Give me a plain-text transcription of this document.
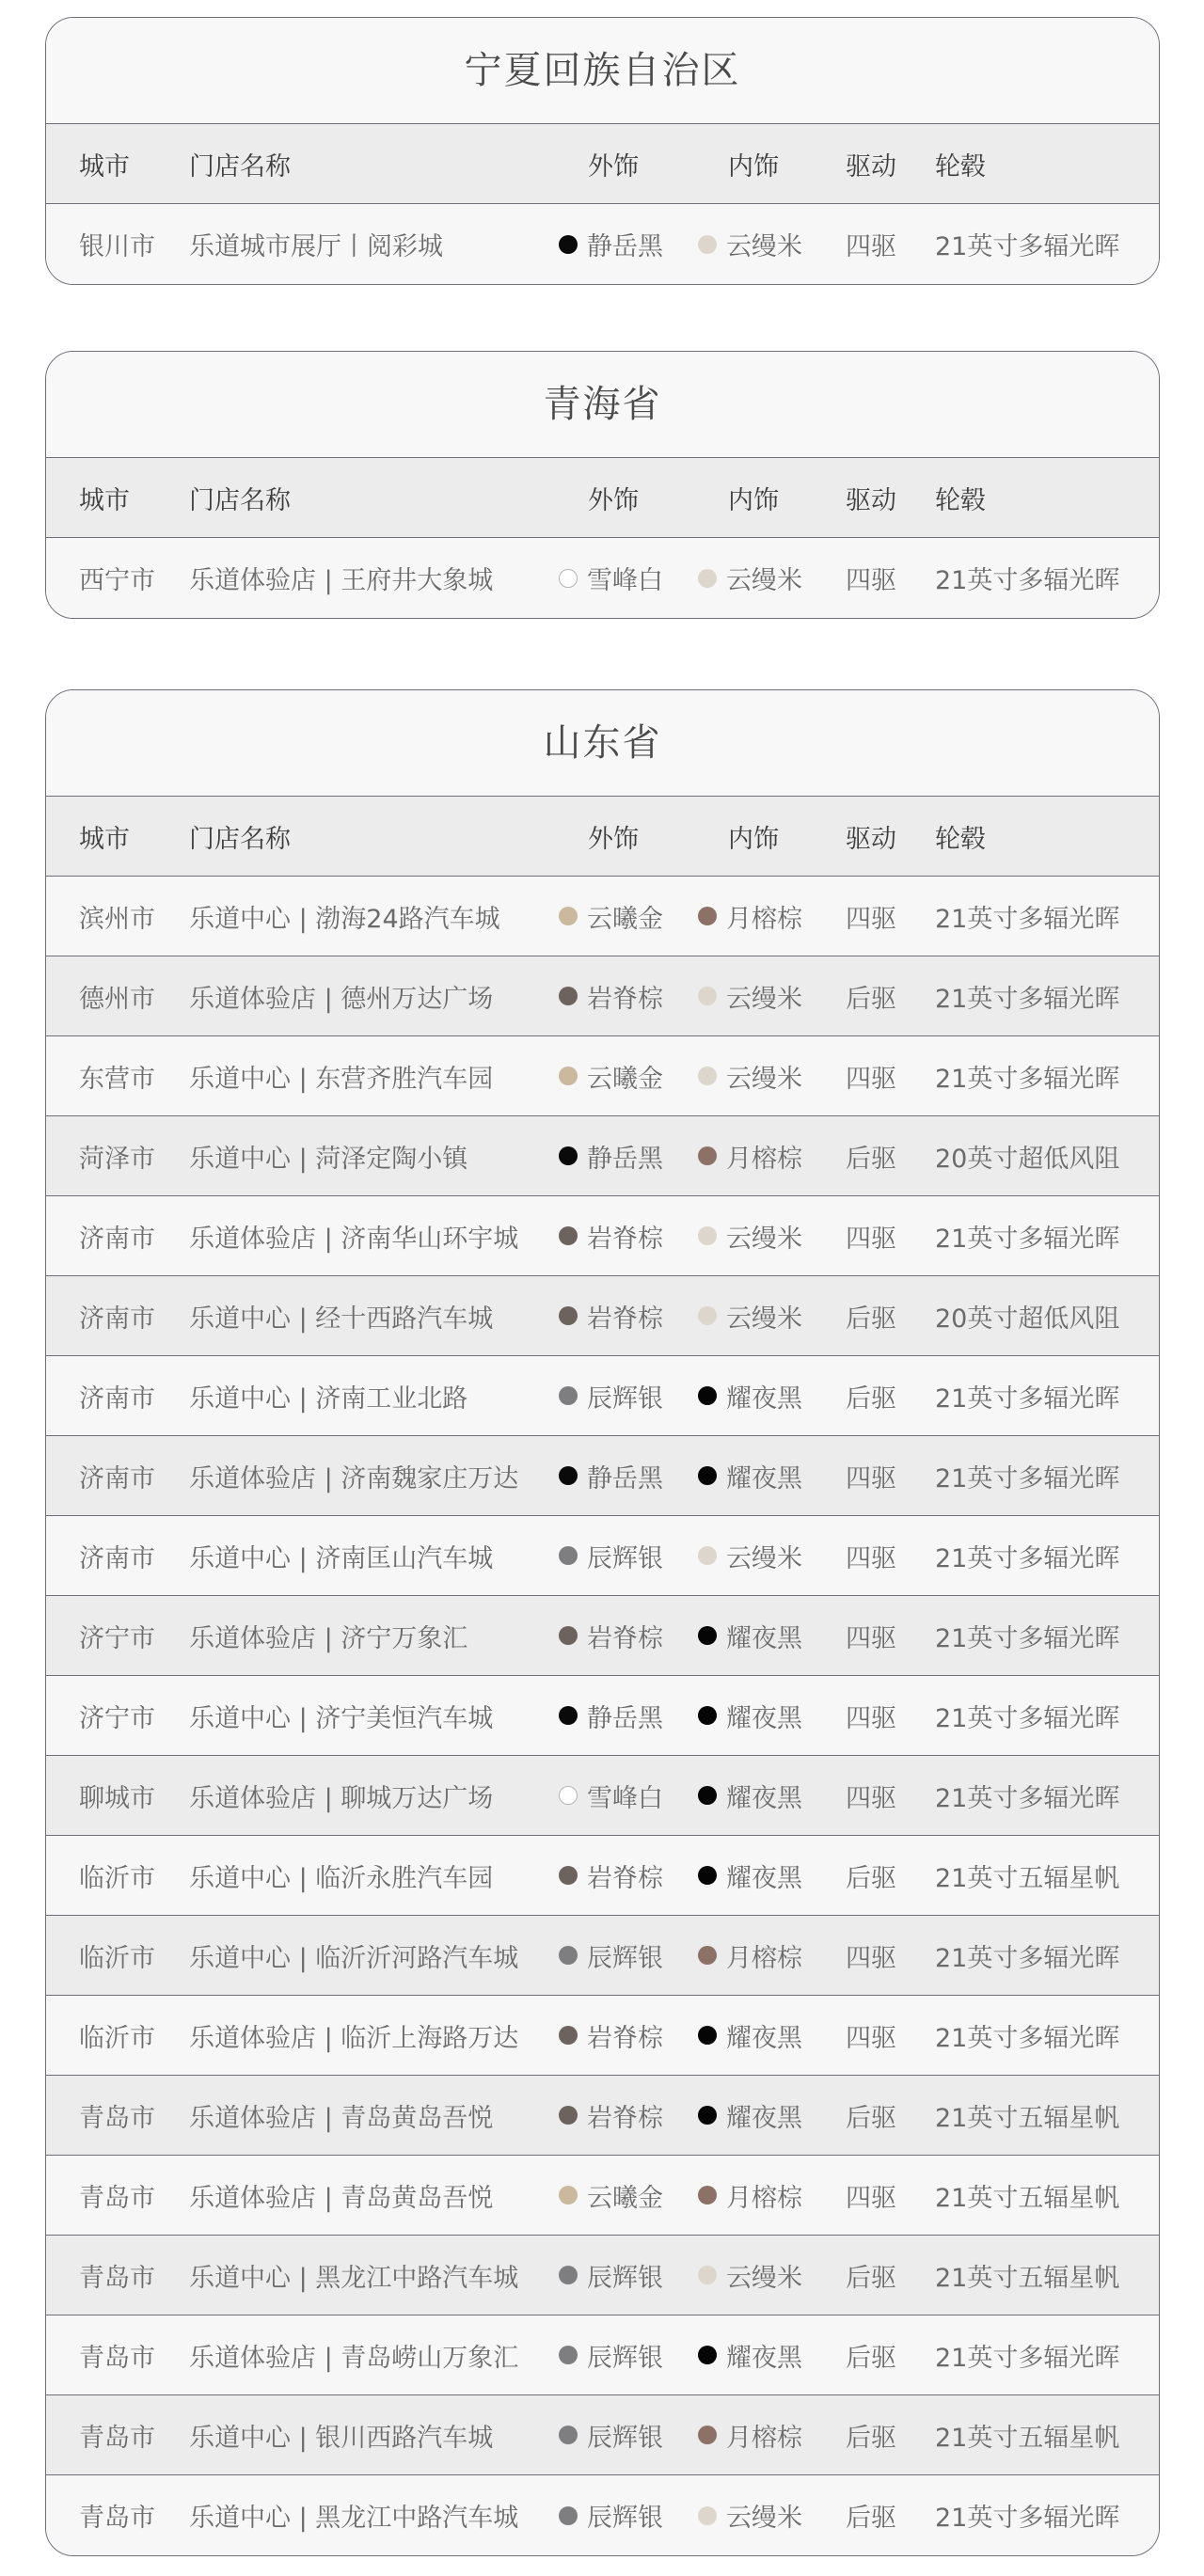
宁夏回族自治区
城市 门店名称	外饰	内饰	驱动 轮毂
银川市 乐道城市展厅丨阅彩城	静岳黑 云缦米 四驱 21英寸多辐光晖
青海省
城市 门店名称	外饰	内饰	驱动 轮毂
西宁市 乐道体验店 | 王府井大象城	雪峰白 云缦米 四驱 21英寸多辐光晖
山东省
城市 门店名称	外饰	内饰	驱动 轮毂
滨州市 乐道中心 | 渤海24路汽车城	云曦金 月榕棕 四驱 21英寸多辐光晖
德州市 乐道体验店 | 德州万达广场	岩脊棕 云缦米 后驱 21英寸多辐光晖
东营市 乐道中心 | 东营齐胜汽车园	云曦金 云缦米 四驱 21英寸多辐光晖
菏泽市 乐道中心 | 菏泽定陶小镇	静岳黑 月榕棕 后驱 20英寸超低风阻
济南市 乐道体验店 | 济南华山环宇城	岩脊棕 云缦米 四驱 21英寸多辐光晖
济南市 乐道中心 | 经十西路汽车城	岩脊棕 云缦米 后驱 20英寸超低风阻
济南市 乐道中心 | 济南工业北路	辰辉银 耀夜黑 后驱 21英寸多辐光晖
济南市 乐道体验店 | 济南魏家庄万达	静岳黑 耀夜黑 四驱 21英寸多辐光晖
济南市 乐道中心 | 济南匡山汽车城	辰辉银 云缦米 四驱 21英寸多辐光晖
济宁市 乐道体验店 | 济宁万象汇	岩脊棕 耀夜黑 四驱 21英寸多辐光晖
济宁市 乐道中心 | 济宁美恒汽车城	静岳黑 耀夜黑 四驱 21英寸多辐光晖
聊城市 乐道体验店 | 聊城万达广场	雪峰白 耀夜黑 四驱 21英寸多辐光晖
临沂市 乐道中心 | 临沂永胜汽车园	岩脊棕 耀夜黑 后驱 21英寸五辐星帆
临沂市 乐道中心 | 临沂沂河路汽车城	辰辉银 月榕棕 四驱 21英寸多辐光晖
临沂市 乐道体验店 | 临沂上海路万达	岩脊棕 耀夜黑 四驱 21英寸多辐光晖
青岛市 乐道体验店 | 青岛黄岛吾悦	岩脊棕 耀夜黑 后驱 21英寸五辐星帆
青岛市 乐道体验店 | 青岛黄岛吾悦	云曦金 月榕棕 四驱 21英寸五辐星帆
青岛市 乐道中心 | 黑龙江中路汽车城	辰辉银 云缦米 后驱 21英寸五辐星帆
青岛市 乐道体验店 | 青岛崂山万象汇	辰辉银 耀夜黑 后驱 21英寸多辐光晖
青岛市 乐道中心 | 银川西路汽车城	辰辉银 月榕棕 后驱 21英寸五辐星帆
青岛市 乐道中心 | 黑龙江中路汽车城	辰辉银 云缦米 后驱 21英寸多辐光晖
